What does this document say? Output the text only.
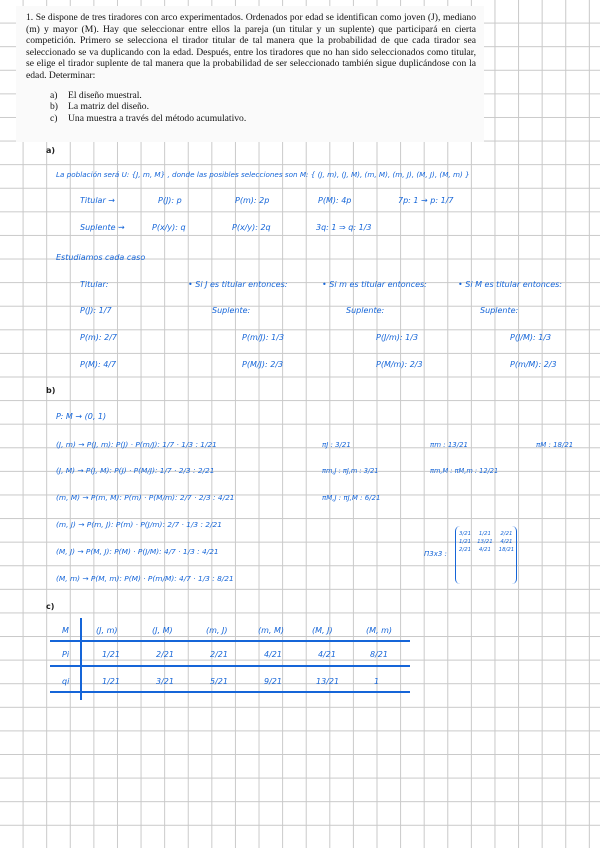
1. Se dispone de tres tiradores con arco experimentados. Ordenados por edad se identifican como joven (J), mediano (m) y mayor (M). Hay que seleccionar entre ellos la pareja (un titular y un suplente) que participará en cierta competición. Primero se selecciona el tirador titular de tal manera que la probabilidad de que cada tirador sea seleccionado se va duplicando con la edad. Después, entre los tiradores que no han sido seleccionados como titular, se elige el tirador suplente de tal manera que la probabilidad de ser seleccionado también sigue duplicándose con la edad. Determinar:

a) El diseño muestral.
b) La matriz del diseño.
c) Una muestra a través del método acumulativo.
a)
La población será U: {J, m, M} , donde las posibles selecciones son M: { (J, m), (J, M), (m, M), (m, J), (M, J), (M, m) }
Titular →	P(J): p	P(m): 2p	P(M): 4p	7p: 1 → p: 1/7
Suplente ⇝	P(x/y): q	P(x/y): 2q	3q: 1 ⇒ q: 1/3
Estudiamos cada caso
Titular:	• Si J es titular entonces:	• Si m es titular entonces:	• Si M es titular entonces:
P(J): 1/7	Suplente:	Suplente:	Suplente:
P(m): 2/7	P(m/J): 1/3	P(J/m): 1/3	P(J/M): 1/3
P(M): 4/7	P(M/J): 2/3	P(M/m): 2/3	P(m/M): 2/3
b)
P: M → (0, 1)
(J, m) → P(J, m): P(J) · P(m/J): 1/7 · 1/3 : 1/21
(J, M) → P(J, M): P(J) · P(M/J): 1/7 · 2/3 : 2/21
(m, M) → P(m, M): P(m) · P(M/m): 2/7 · 2/3 : 4/21
(m, J) → P(m, J): P(m) · P(J/m): 2/7 · 1/3 : 2/21
(M, J) → P(M, J): P(M) · P(J/M): 4/7 · 1/3 : 4/21
(M, m) → P(M, m): P(M) · P(m/M): 4/7 · 1/3 : 8/21
πJ : 3/21	πm : 13/21	πM : 18/21
πm,J : πJ,m : 3/21	πm,M : πM,m : 12/21
πM,J : πJ,M : 6/21
Π3x3 :
3/21	1/21	2/21
1/21	13/21	4/21
2/21	4/21	18/21
c)
M	(J, m)	(J, M)	(m, J)	(m, M)	(M, J)	(M, m)
Pi	1/21	2/21	2/21	4/21	4/21	8/21
qi	1/21	3/21	5/21	9/21	13/21	1
